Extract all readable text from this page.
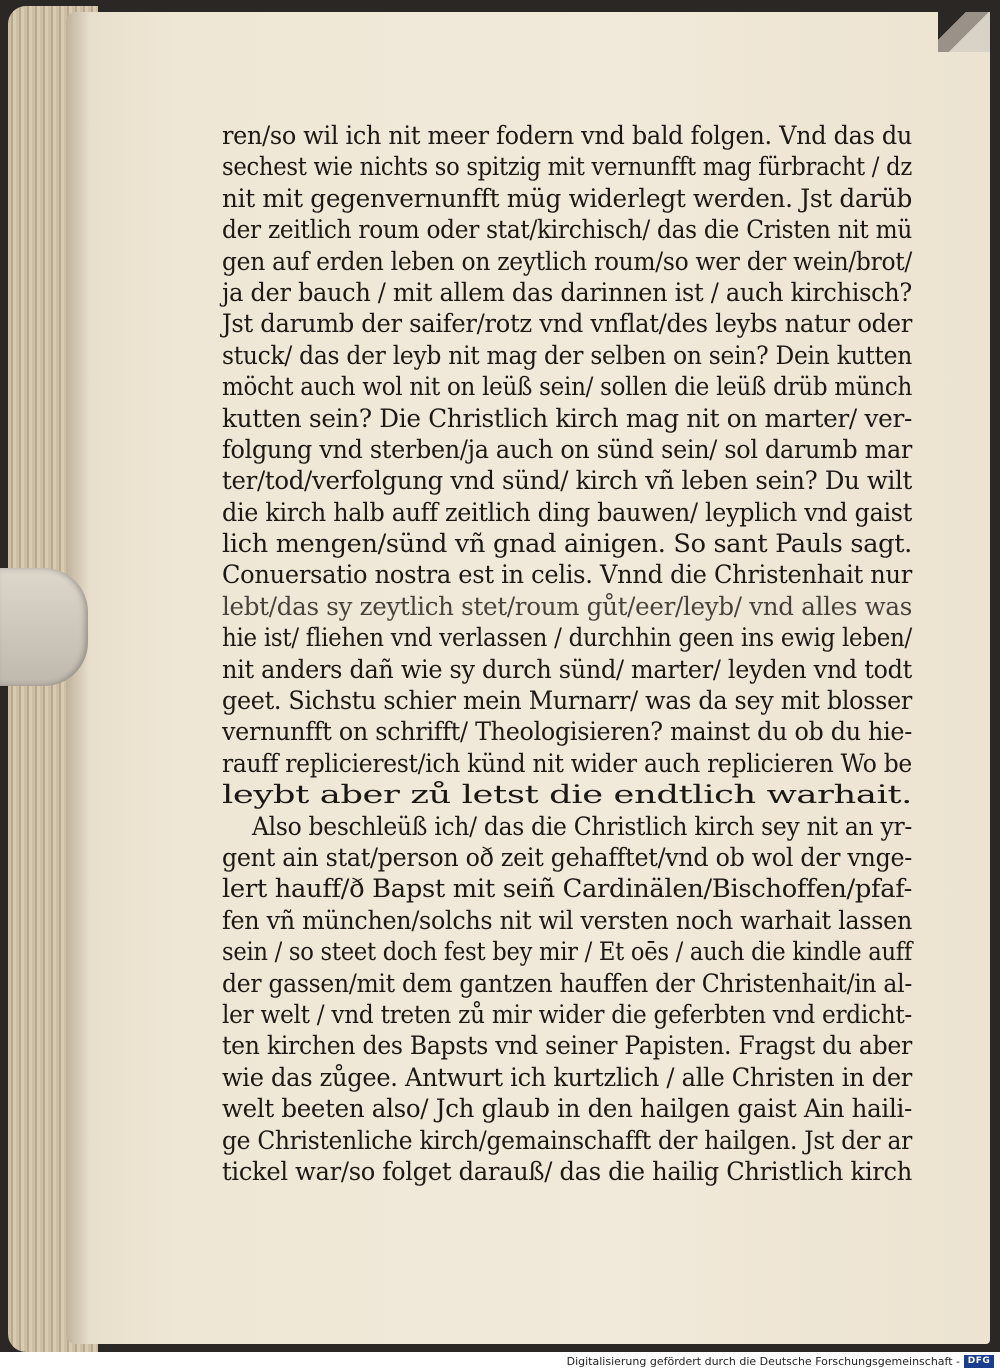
ren/so wil ich nit meer fodern vnd bald folgen. Vnd das du
sechest wie nichts so spitzig mit vernunfft mag fürbracht / dz
nit mit gegenvernunfft müg widerlegt werden. Jst darüb
der zeitlich roum oder stat/kirchisch/ das die Cristen nit mü
gen auf erden leben on zeytlich roum/so wer der wein/brot/
ja der bauch / mit allem das darinnen ist / auch kirchisch?
Jst darumb der saifer/rotz vnd vnflat/des leybs natur oder
stuck/ das der leyb nit mag der selben on sein? Dein kutten
möcht auch wol nit on leüß sein/ sollen die leüß drüb münch
kutten sein? Die Christlich kirch mag nit on marter/ ver-
folgung vnd sterben/ja auch on sünd sein/ sol darumb mar
ter/tod/verfolgung vnd sünd/ kirch vñ leben sein? Du wilt
die kirch halb auff zeitlich ding bauwen/ leyplich vnd gaist
lich mengen/sünd vñ gnad ainigen. So sant Pauls sagt.
Conuersatio nostra est in celis. Vnnd die Christenhait nur
lebt/das sy zeytlich stet/roum gůt/eer/leyb/ vnd alles was
hie ist/ fliehen vnd verlassen / durchhin geen ins ewig leben/
nit anders dañ wie sy durch sünd/ marter/ leyden vnd todt
geet. Sichstu schier mein Murnarr/ was da sey mit blosser
vernunfft on schrifft/ Theologisieren? mainst du ob du hie-
rauff replicierest/ich künd nit wider auch replicieren Wo be
leybt aber zů letst die endtlich warhait.
Also beschleüß ich/ das die Christlich kirch sey nit an yr-
gent ain stat/person oð zeit gehafftet/vnd ob wol der vnge-
lert hauff/ð Bapst mit seiñ Cardinälen/Bischoffen/pfaf-
fen vñ münchen/solchs nit wil versten noch warhait lassen
sein / so steet doch fest bey mir / Et oēs / auch die kindle auff
der gassen/mit dem gantzen hauffen der Christenhait/in al-
ler welt / vnd treten zů mir wider die geferbten vnd erdicht-
ten kirchen des Bapsts vnd seiner Papisten. Fragst du aber
wie das zůgee. Antwurt ich kurtzlich / alle Christen in der
welt beeten also/ Jch glaub in den hailgen gaist Ain haili-
ge Christenliche kirch/gemainschafft der hailgen. Jst der ar
tickel war/so folget darauß/ das die hailig Christlich kirch
Digitalisierung gefördert durch die Deutsche Forschungsgemeinschaft - DFG
